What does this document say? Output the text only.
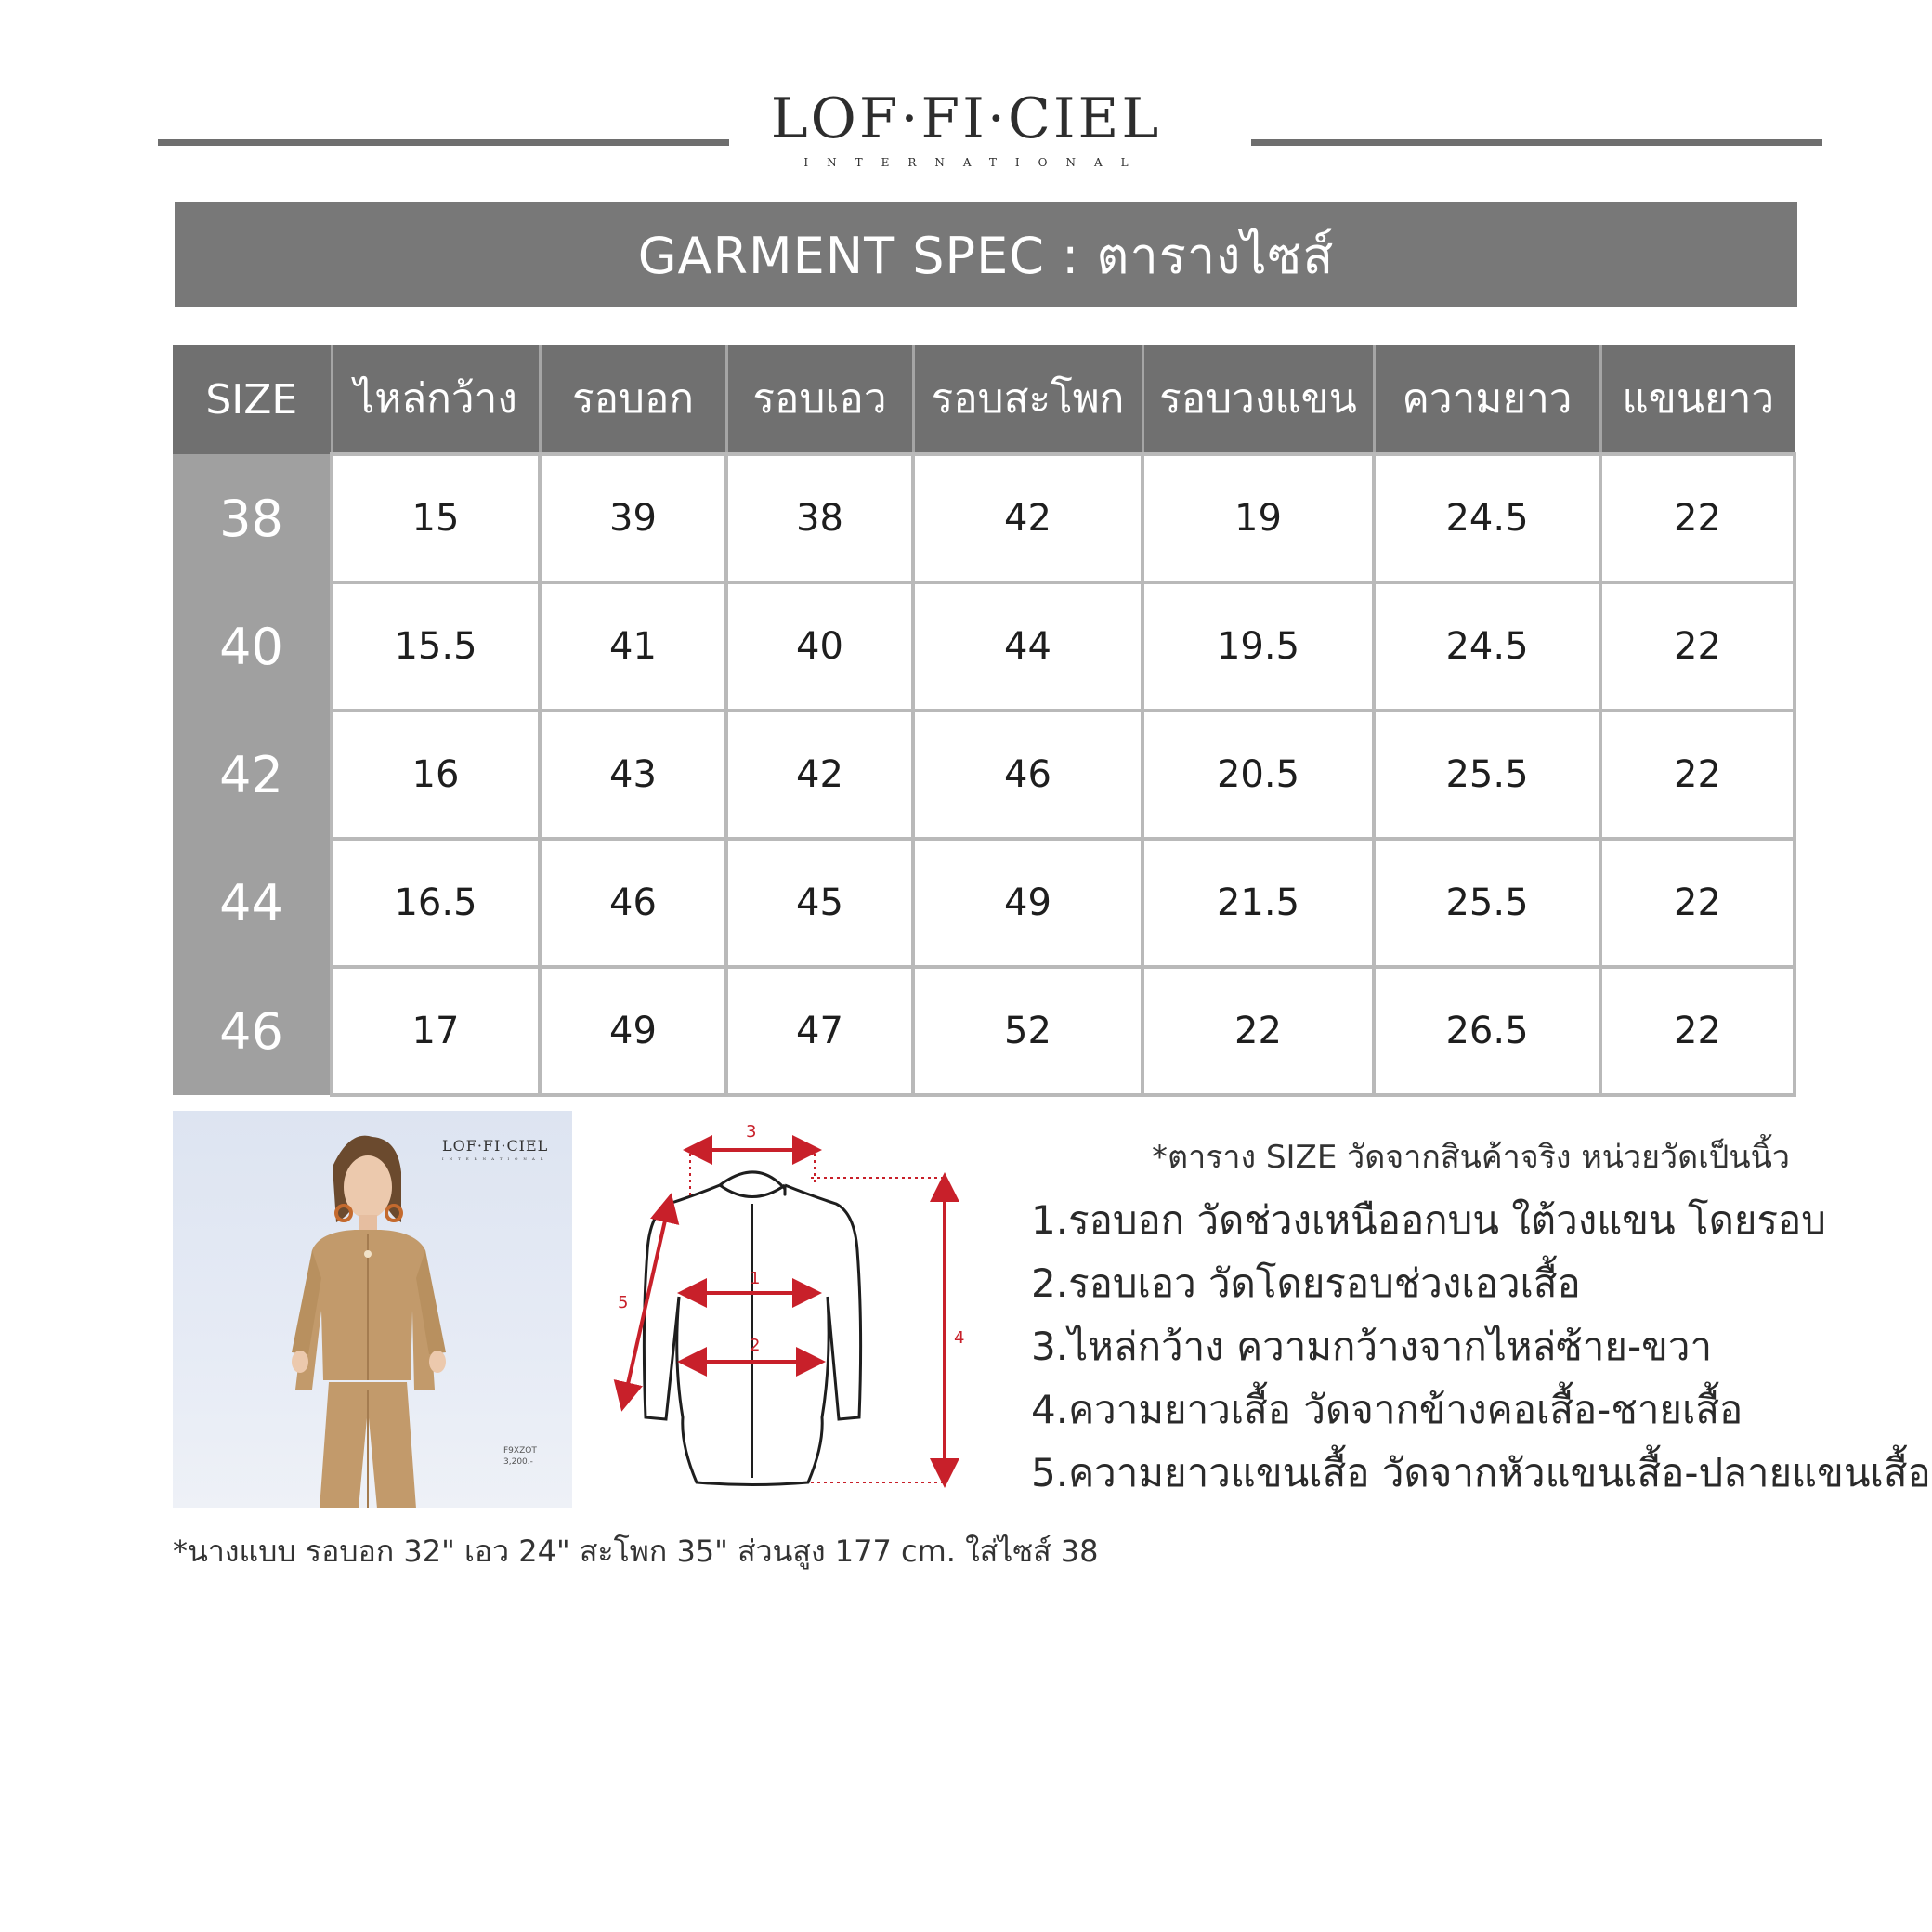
LOF·FI·CIEL
INTERNATIONAL
GARMENT SPEC : ตารางไซส์
SIZE	ไหล่กว้าง	รอบอก	รอบเอว	รอบสะโพก	รอบวงแขน	ความยาว	แขนยาว
38	15	39	38	42	19	24.5	22
40	15.5	41	40	44	19.5	24.5	22
42	16	43	42	46	20.5	25.5	22
44	16.5	46	45	49	21.5	25.5	22
46	17	49	47	52	22	26.5	22
LOF·FI·CIEL
INTERNATIONAL
F9XZOT
3,200.-
3
1
2	4
5
*ตาราง SIZE วัดจากสินค้าจริง หน่วยวัดเป็นนิ้ว
1.รอบอก วัดช่วงเหนืออกบน ใต้วงแขน โดยรอบ
2.รอบเอว วัดโดยรอบช่วงเอวเสื้อ
3.ไหล่กว้าง ความกว้างจากไหล่ซ้าย-ขวา
4.ความยาวเสื้อ วัดจากข้างคอเสื้อ-ชายเสื้อ
5.ความยาวแขนเสื้อ วัดจากหัวแขนเสื้อ-ปลายแขนเสื้อ
*นางแบบ รอบอก 32" เอว 24" สะโพก 35" ส่วนสูง 177 cm. ใส่ไซส์ 38
